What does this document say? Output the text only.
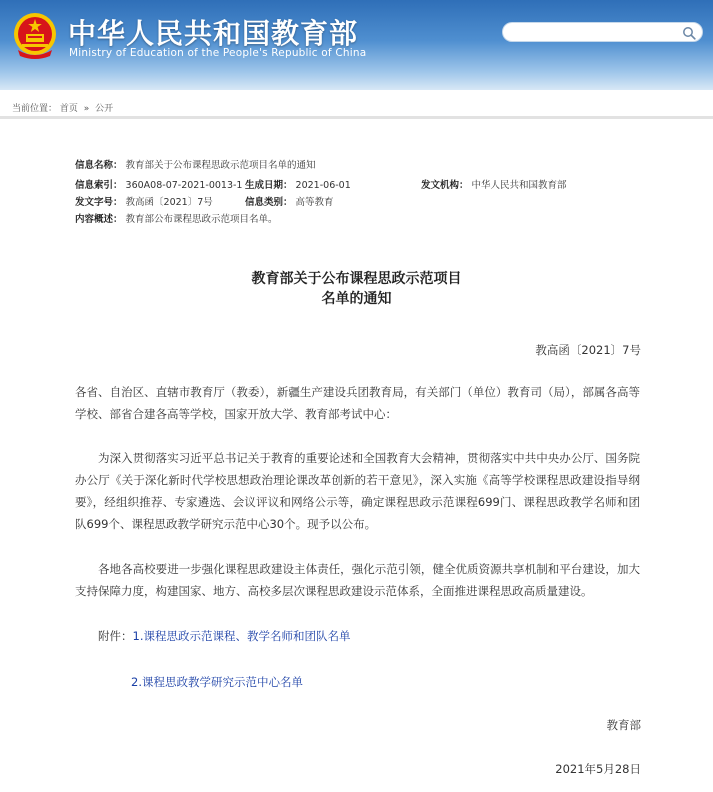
中华人民共和国教育部
Ministry of Education of the People's Republic of China
当前位置： 首页 » 公开
信息名称： 教育部关于公布课程思政示范项目名单的通知
信息索引： 360A08-07-2021-0013-1 生成日期： 2021-06-01	发文机构： 中华人民共和国教育部
发文字号： 教高函〔2021〕7号	信息类别： 高等教育
内容概述： 教育部公布课程思政示范项目名单。
教育部关于公布课程思政示范项目
名单的通知
教高函〔2021〕7号
各省、自治区、直辖市教育厅（教委），新疆生产建设兵团教育局，有关部门（单位）教育司（局），部属各高等学校、部省合建各高等学校，国家开放大学、教育部考试中心：
为深入贯彻落实习近平总书记关于教育的重要论述和全国教育大会精神，贯彻落实中共中央办公厅、国务院办公厅《关于深化新时代学校思想政治理论课改革创新的若干意见》，深入实施《高等学校课程思政建设指导纲要》，经组织推荐、专家遴选、会议评议和网络公示等，确定课程思政示范课程699门、课程思政教学名师和团队699个、课程思政教学研究示范中心30个。现予以公布。
各地各高校要进一步强化课程思政建设主体责任，强化示范引领，健全优质资源共享机制和平台建设，加大支持保障力度，构建国家、地方、高校多层次课程思政建设示范体系，全面推进课程思政高质量建设。
附件：1.课程思政示范课程、教学名师和团队名单
2.课程思政教学研究示范中心名单
教育部
2021年5月28日
